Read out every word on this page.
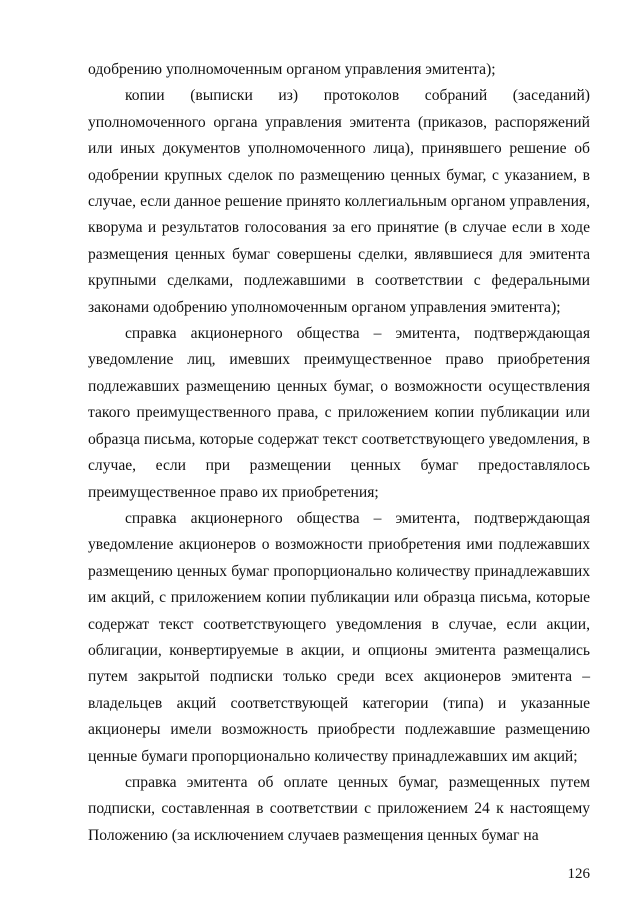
одобрению уполномоченным органом управления эмитента);

копии (выписки из) протоколов собраний (заседаний) уполномоченного органа управления эмитента (приказов, распоряжений или иных документов уполномоченного лица), принявшего решение об одобрении крупных сделок по размещению ценных бумаг, с указанием, в случае, если данное решение принято коллегиальным органом управления, кворума и результатов голосования за его принятие (в случае если в ходе размещения ценных бумаг совершены сделки, являвшиеся для эмитента крупными сделками, подлежавшими в соответствии с федеральными законами одобрению уполномоченным органом управления эмитента);

справка акционерного общества – эмитента, подтверждающая уведомление лиц, имевших преимущественное право приобретения подлежавших размещению ценных бумаг, о возможности осуществления такого преимущественного права, с приложением копии публикации или образца письма, которые содержат текст соответствующего уведомления, в случае, если при размещении ценных бумаг предоставлялось преимущественное право их приобретения;

справка акционерного общества – эмитента, подтверждающая уведомление акционеров о возможности приобретения ими подлежавших размещению ценных бумаг пропорционально количеству принадлежавших им акций, с приложением копии публикации или образца письма, которые содержат текст соответствующего уведомления в случае, если акции, облигации, конвертируемые в акции, и опционы эмитента размещались путем закрытой подписки только среди всех акционеров эмитента – владельцев акций соответствующей категории (типа) и указанные акционеры имели возможность приобрести подлежавшие размещению ценные бумаги пропорционально количеству принадлежавших им акций;

справка эмитента об оплате ценных бумаг, размещенных путем подписки, составленная в соответствии с приложением 24 к настоящему Положению (за исключением случаев размещения ценных бумаг на

126
